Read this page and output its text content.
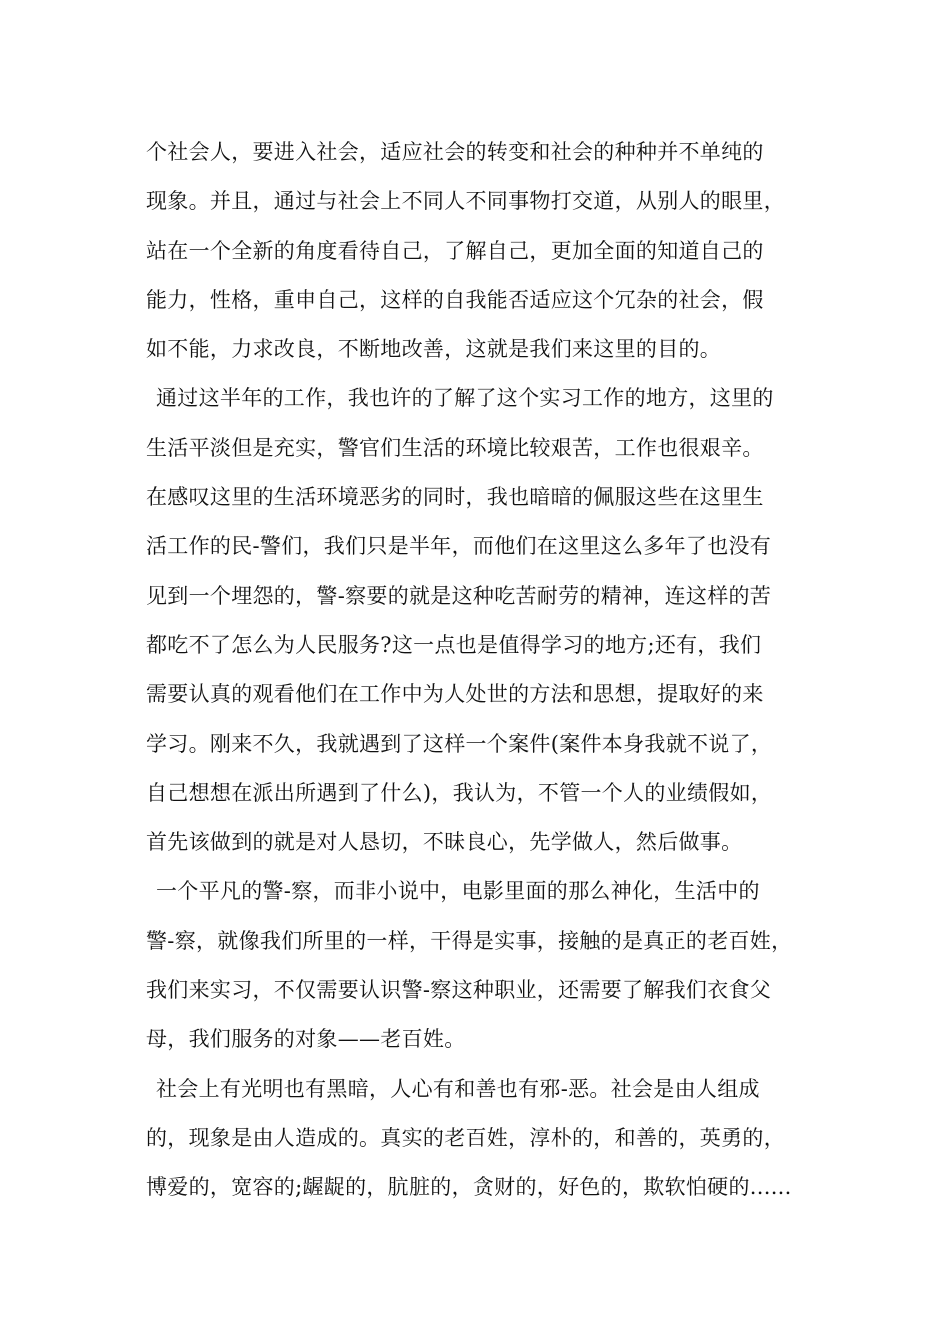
个社会人，要进入社会，适应社会的转变和社会的种种并不单纯的
现象。并且，通过与社会上不同人不同事物打交道，从别人的眼里，
站在一个全新的角度看待自己，了解自己，更加全面的知道自己的
能力，性格，重申自己，这样的自我能否适应这个冗杂的社会，假
如不能，力求改良，不断地改善，这就是我们来这里的目的。
通过这半年的工作，我也许的了解了这个实习工作的地方，这里的
生活平淡但是充实，警官们生活的环境比较艰苦，工作也很艰辛。
在感叹这里的生活环境恶劣的同时，我也暗暗的佩服这些在这里生
活工作的民-警们，我们只是半年，而他们在这里这么多年了也没有
见到一个埋怨的，警-察要的就是这种吃苦耐劳的精神，连这样的苦
都吃不了怎么为人民服务?这一点也是值得学习的地方;还有，我们
需要认真的观看他们在工作中为人处世的方法和思想，提取好的来
学习。刚来不久，我就遇到了这样一个案件(案件本身我就不说了，
自己想想在派出所遇到了什么)，我认为，不管一个人的业绩假如，
首先该做到的就是对人恳切，不昧良心，先学做人，然后做事。
一个平凡的警-察，而非小说中，电影里面的那么神化，生活中的
警-察，就像我们所里的一样，干得是实事，接触的是真正的老百姓，
我们来实习，不仅需要认识警-察这种职业，还需要了解我们衣食父
母，我们服务的对象——老百姓。
社会上有光明也有黑暗，人心有和善也有邪-恶。社会是由人组成
的，现象是由人造成的。真实的老百姓，淳朴的，和善的，英勇的，
博爱的，宽容的;龌龊的，肮脏的，贪财的，好色的，欺软怕硬的......
